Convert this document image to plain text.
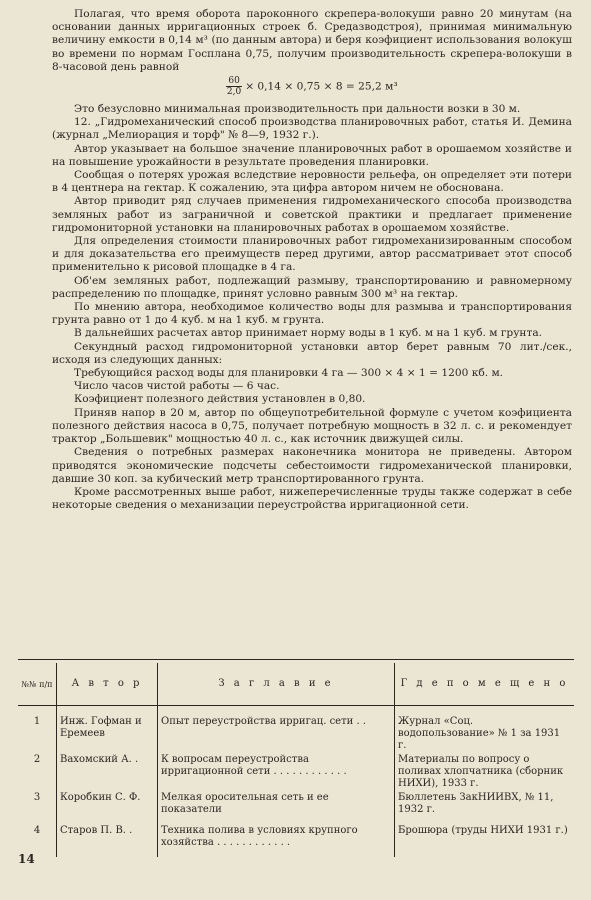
Полагая, что время оборота пароконного скрепера-волокуши равно 20 минутам (на основании данных ирригационных строек б. Средазводстроя), принимая минимальную величину емкости в 0,14 м³ (по данным автора) и беря коэфициент использования волокуш во времени по нормам Госплана 0,75, получим производительность скрепера-волокуши в 8-часовой день равной

$\frac{60}{2,0} \times 0,14 \times 0,75 \times 8 = 25,2$ м³

Это безусловно минимальная производительность при дальности возки в 30 м.

12. „Гидромеханический способ производства планировочных работ, статья И. Демина (журнал „Мелиорация и торф" № 8—9, 1932 г.).

Автор указывает на большое значение планировочных работ в орошаемом хозяйстве и на повышение урожайности в результате проведения планировки.

Сообщая о потерях урожая вследствие неровности рельефа, он определяет эти потери в 4 центнера на гектар. К сожалению, эта цифра автором ничем не обоснована.

Автор приводит ряд случаев применения гидромеханического способа производства земляных работ из заграничной и советской практики и предлагает применение гидромониторной установки на планировочных работах в орошаемом хозяйстве.

Для определения стоимости планировочных работ гидромеханизированным способом и для доказательства его преимуществ перед другими, автор рассматривает этот способ применительно к рисовой площадке в 4 га.

Об'ем земляных работ, подлежащий размыву, транспортированию и равномерному распределению по площадке, принят условно равным 300 м³ на гектар.

По мнению автора, необходимое количество воды для размыва и транспортирования грунта равно от 1 до 4 куб. м на 1 куб. м грунта.

В дальнейших расчетах автор принимает норму воды в 1 куб. м на 1 куб. м грунта.

Секундный расход гидромониторной установки автор берет равным 70 лит./сек., исходя из следующих данных:

Требующийся расход воды для планировки 4 га — 300 × 4 × 1 = 1200 кб. м.

Число часов чистой работы — 6 час.

Коэфициент полезного действия установлен в 0,80.

Приняв напор в 20 м, автор по общеупотребительной формуле с учетом коэфициента полезного действия насоса в 0,75, получает потребную мощность в 32 л. с. и рекомендует трактор „Большевик" мощностью 40 л. с., как источник движущей силы.

Сведения о потребных размерах наконечника монитора не приведены. Автором приводятся экономические подсчеты себестоимости гидромеханической планировки, давшие 30 коп. за кубический метр транспортированного грунта.

Кроме рассмотренных выше работ, нижеперечисленные труды также содержат в себе некоторые сведения о механизации переустройства ирригационной сети.

№№ п/п	А в т о р	З а г л а в и е	Г д е п о м е щ е н о
1	Инж. Гофман и Еремеев	Опыт переустройства ирригац. сети . .	Журнал «Соц. водопользование» № 1 за 1931 г.
2	Вахомский А. .	К вопросам переустройства ирригационной сети . . . . . . . . . . . .	Материалы по вопросу о поливах хлопчатника (сборник НИХИ), 1933 г.
3	Коробкин С. Ф.	Мелкая оросительная сеть и ее показатели	Бюллетень ЗакНИИВХ, № 11, 1932 г.
4	Старов П. В. .	Техника полива в условиях крупного хозяйства . . . . . . . . . . . .	Брошюра (труды НИХИ 1931 г.)
14
